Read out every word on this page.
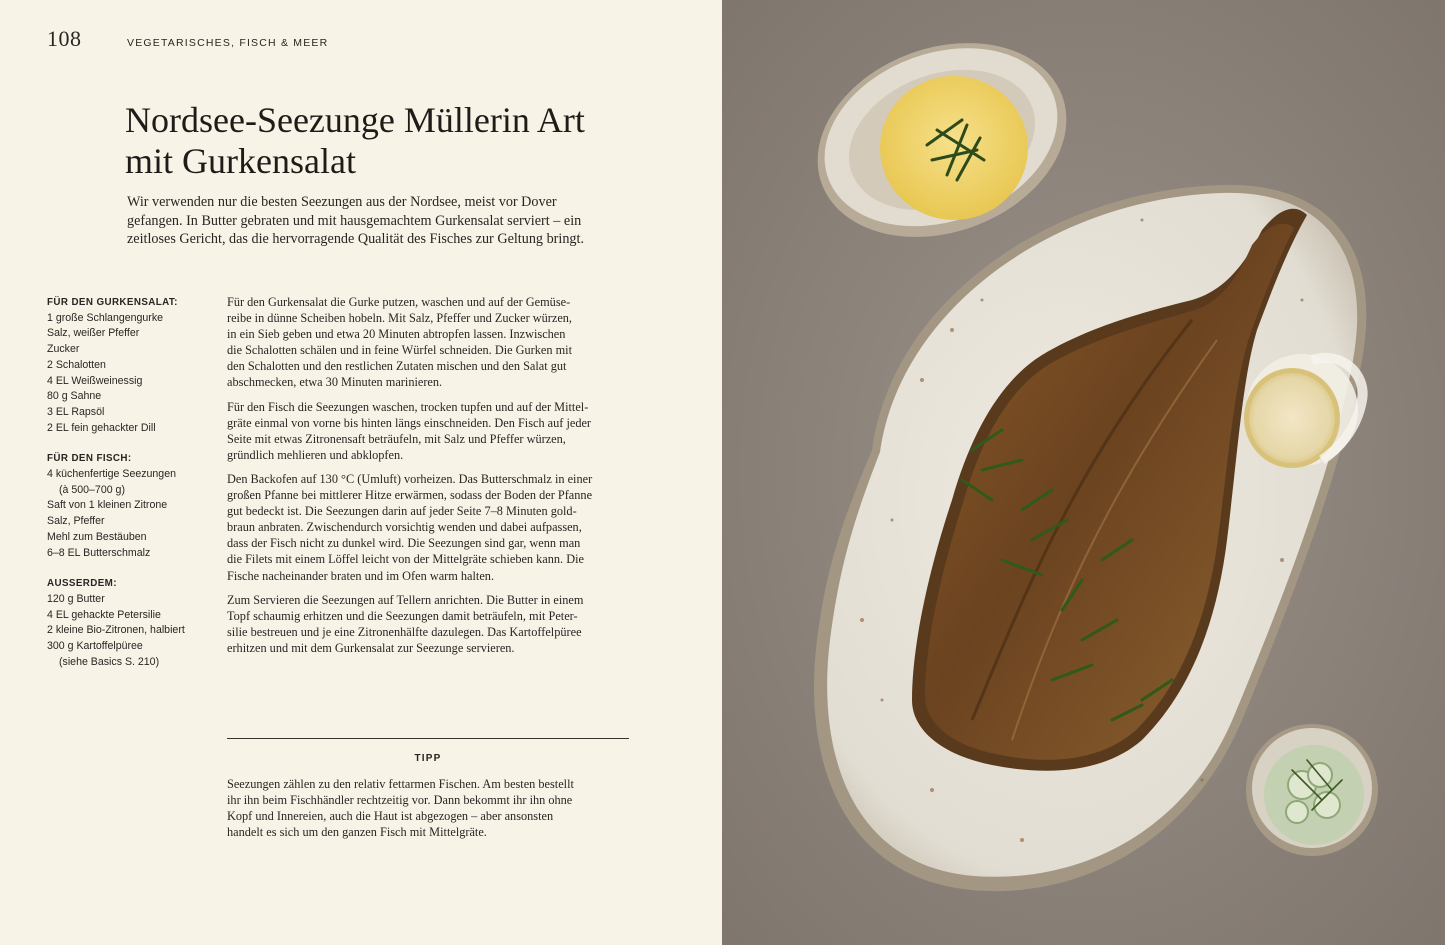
108	VEGETARISCHES, FISCH & MEER
Nordsee-Seezunge Müllerin Art
mit Gurkensalat

Wir verwenden nur die besten Seezungen aus der Nordsee, meist vor Dover
gefangen. In Butter gebraten und mit hausgemachtem Gurkensalat serviert – ein
zeitloses Gericht, das die hervorragende Qualität des Fisches zur Geltung bringt.

FÜR DEN GURKENSALAT:
1 große Schlangengurke
Salz, weißer Pfeffer
Zucker
2 Schalotten
4 EL Weißweinessig
80 g Sahne
3 EL Rapsöl
2 EL fein gehackter Dill
FÜR DEN FISCH:
4 küchenfertige Seezungen
(à 500–700 g)
Saft von 1 kleinen Zitrone
Salz, Pfeffer
Mehl zum Bestäuben
6–8 EL Butterschmalz
AUSSERDEM:
120 g Butter
4 EL gehackte Petersilie
2 kleine Bio-Zitronen, halbiert
300 g Kartoffelpüree
(siehe Basics S. 210)

Für den Gurkensalat die Gurke putzen, waschen und auf der Gemüse-
reibe in dünne Scheiben hobeln. Mit Salz, Pfeffer und Zucker würzen,
in ein Sieb geben und etwa 20 Minuten abtropfen lassen. Inzwischen
die Schalotten schälen und in feine Würfel schneiden. Die Gurken mit
den Schalotten und den restlichen Zutaten mischen und den Salat gut
abschmecken, etwa 30 Minuten marinieren.

Für den Fisch die Seezungen waschen, trocken tupfen und auf der Mittel-
gräte einmal von vorne bis hinten längs einschneiden. Den Fisch auf jeder
Seite mit etwas Zitronensaft beträufeln, mit Salz und Pfeffer würzen,
gründlich mehlieren und abklopfen.

Den Backofen auf 130 °C (Umluft) vorheizen. Das Butterschmalz in einer
großen Pfanne bei mittlerer Hitze erwärmen, sodass der Boden der Pfanne
gut bedeckt ist. Die Seezungen darin auf jeder Seite 7–8 Minuten gold-
braun anbraten. Zwischendurch vorsichtig wenden und dabei aufpassen,
dass der Fisch nicht zu dunkel wird. Die Seezungen sind gar, wenn man
die Filets mit einem Löffel leicht von der Mittelgräte schieben kann. Die
Fische nacheinander braten und im Ofen warm halten.

Zum Servieren die Seezungen auf Tellern anrichten. Die Butter in einem
Topf schaumig erhitzen und die Seezungen damit beträufeln, mit Peter-
silie bestreuen und je eine Zitronenhälfte dazulegen. Das Kartoffelpüree
erhitzen und mit dem Gurkensalat zur Seezunge servieren.

TIPP

Seezungen zählen zu den relativ fettarmen Fischen. Am besten bestellt
ihr ihn beim Fischhändler rechtzeitig vor. Dann bekommt ihr ihn ohne
Kopf und Innereien, auch die Haut ist abgezogen – aber ansonsten
handelt es sich um den ganzen Fisch mit Mittelgräte.
